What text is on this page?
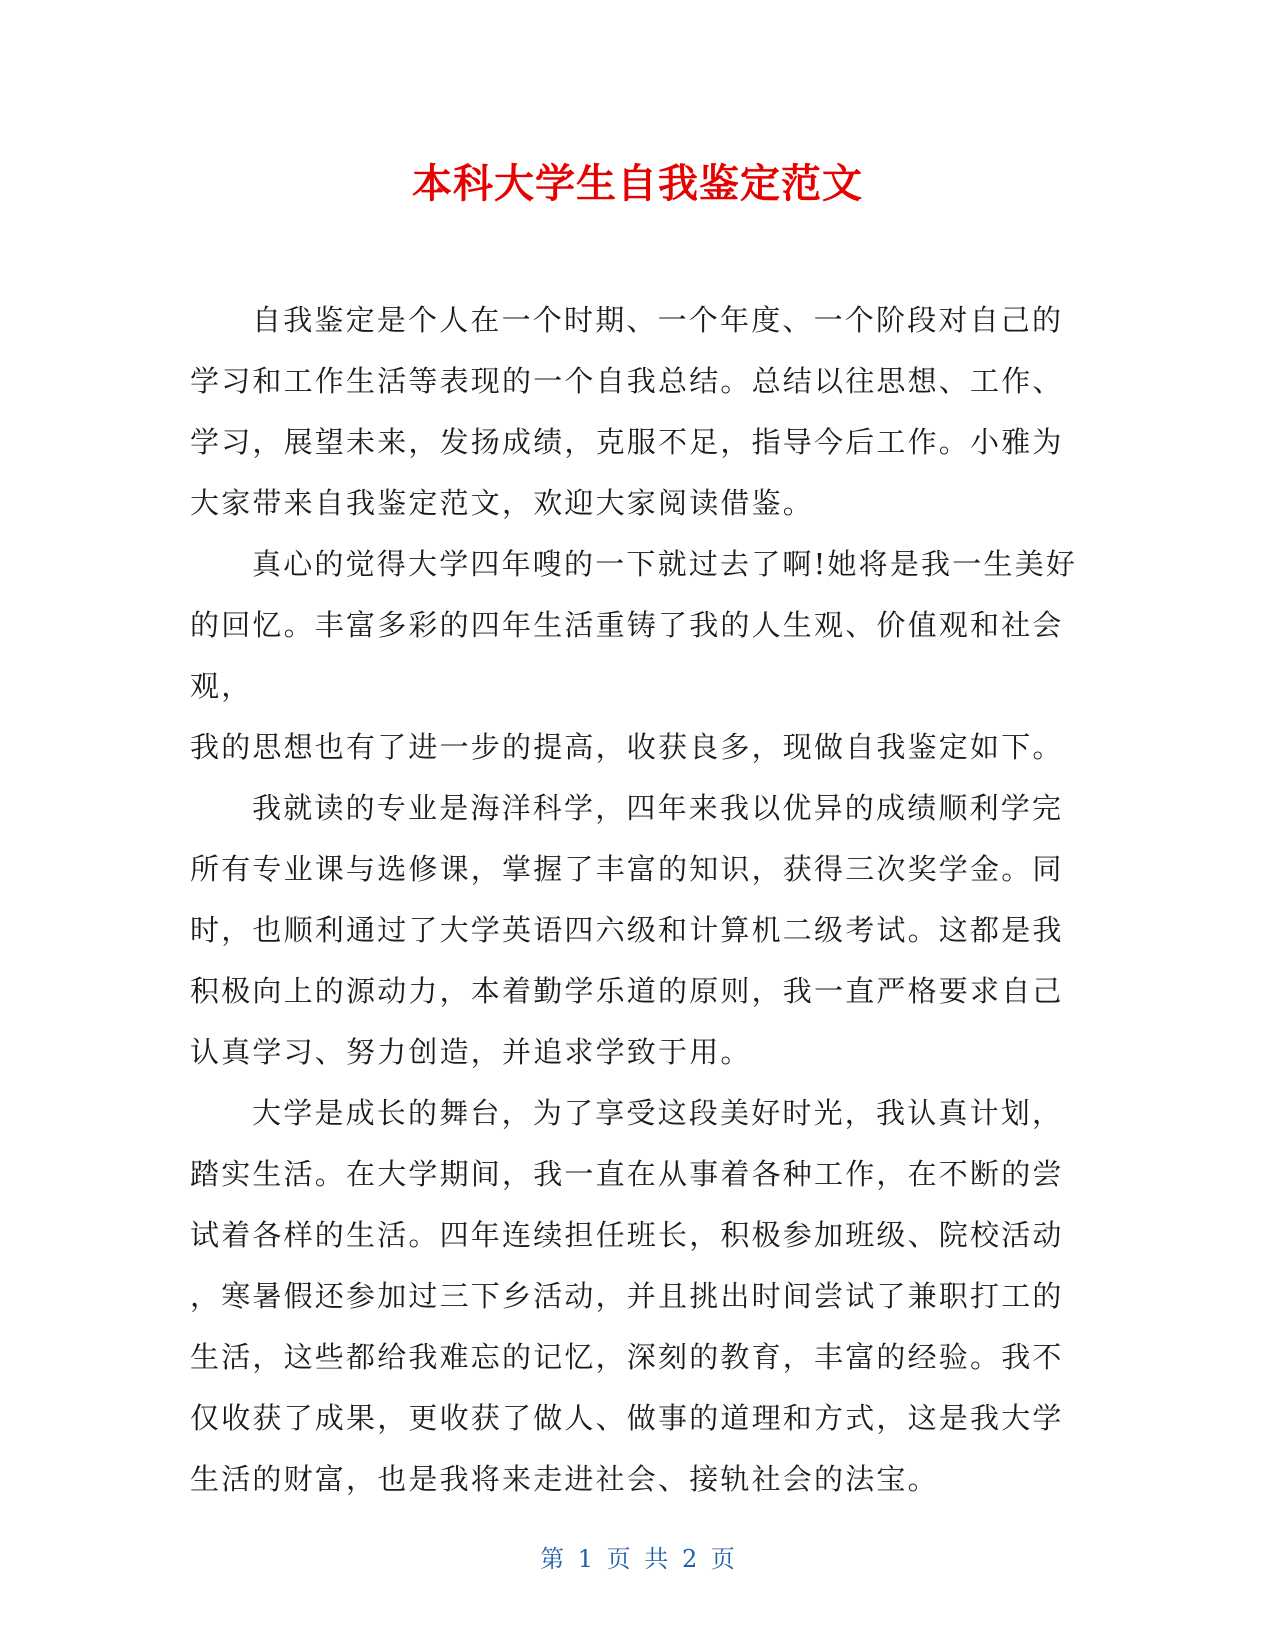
本科大学生自我鉴定范文
自我鉴定是个人在一个时期、一个年度、一个阶段对自己的
学习和工作生活等表现的一个自我总结。总结以往思想、工作、
学习，展望未来，发扬成绩，克服不足，指导今后工作。小雅为
大家带来自我鉴定范文，欢迎大家阅读借鉴。
真心的觉得大学四年嗖的一下就过去了啊!她将是我一生美好
的回忆。丰富多彩的四年生活重铸了我的人生观、价值观和社会
观，
我的思想也有了进一步的提高，收获良多，现做自我鉴定如下。
我就读的专业是海洋科学，四年来我以优异的成绩顺利学完
所有专业课与选修课，掌握了丰富的知识，获得三次奖学金。同
时，也顺利通过了大学英语四六级和计算机二级考试。这都是我
积极向上的源动力，本着勤学乐道的原则，我一直严格要求自己
认真学习、努力创造，并追求学致于用。
大学是成长的舞台，为了享受这段美好时光，我认真计划，
踏实生活。在大学期间，我一直在从事着各种工作，在不断的尝
试着各样的生活。四年连续担任班长，积极参加班级、院校活动
，寒暑假还参加过三下乡活动，并且挑出时间尝试了兼职打工的
生活，这些都给我难忘的记忆，深刻的教育，丰富的经验。我不
仅收获了成果，更收获了做人、做事的道理和方式，这是我大学
生活的财富，也是我将来走进社会、接轨社会的法宝。
第 1 页 共 2 页
